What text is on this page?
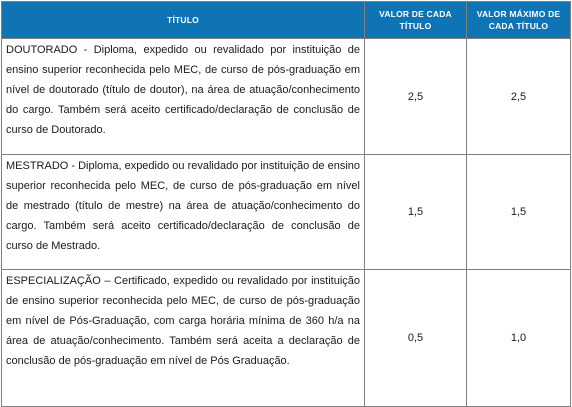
TÍTULO	VALOR DE CADA TÍTULO	VALOR MÁXIMO DE CADA TÍTULO

DOUTORADO - Diploma, expedido ou revalidado por instituição de ensino superior reconhecida pelo MEC, de curso de pós-graduação em nível de doutorado (título de doutor), na área de atuação/conhecimento do cargo. Também será aceito certificado/declaração de conclusão de curso de Doutorado.	2,5	2,5

MESTRADO - Diploma, expedido ou revalidado por instituição de ensino superior reconhecida pelo MEC, de curso de pós-graduação em nível de mestrado (título de mestre) na área de atuação/conhecimento do cargo. Também será aceito certificado/declaração de conclusão de curso de Mestrado.	1,5	1,5

ESPECIALIZAÇÃO – Certificado, expedido ou revalidado por instituição de ensino superior reconhecida pelo MEC, de curso de pós-graduação em nível de Pós-Graduação, com carga horária mínima de 360 h/a na área de atuação/conhecimento. Também será aceita a declaração de conclusão de pós-graduação em nível de Pós Graduação.	0,5	1,0
